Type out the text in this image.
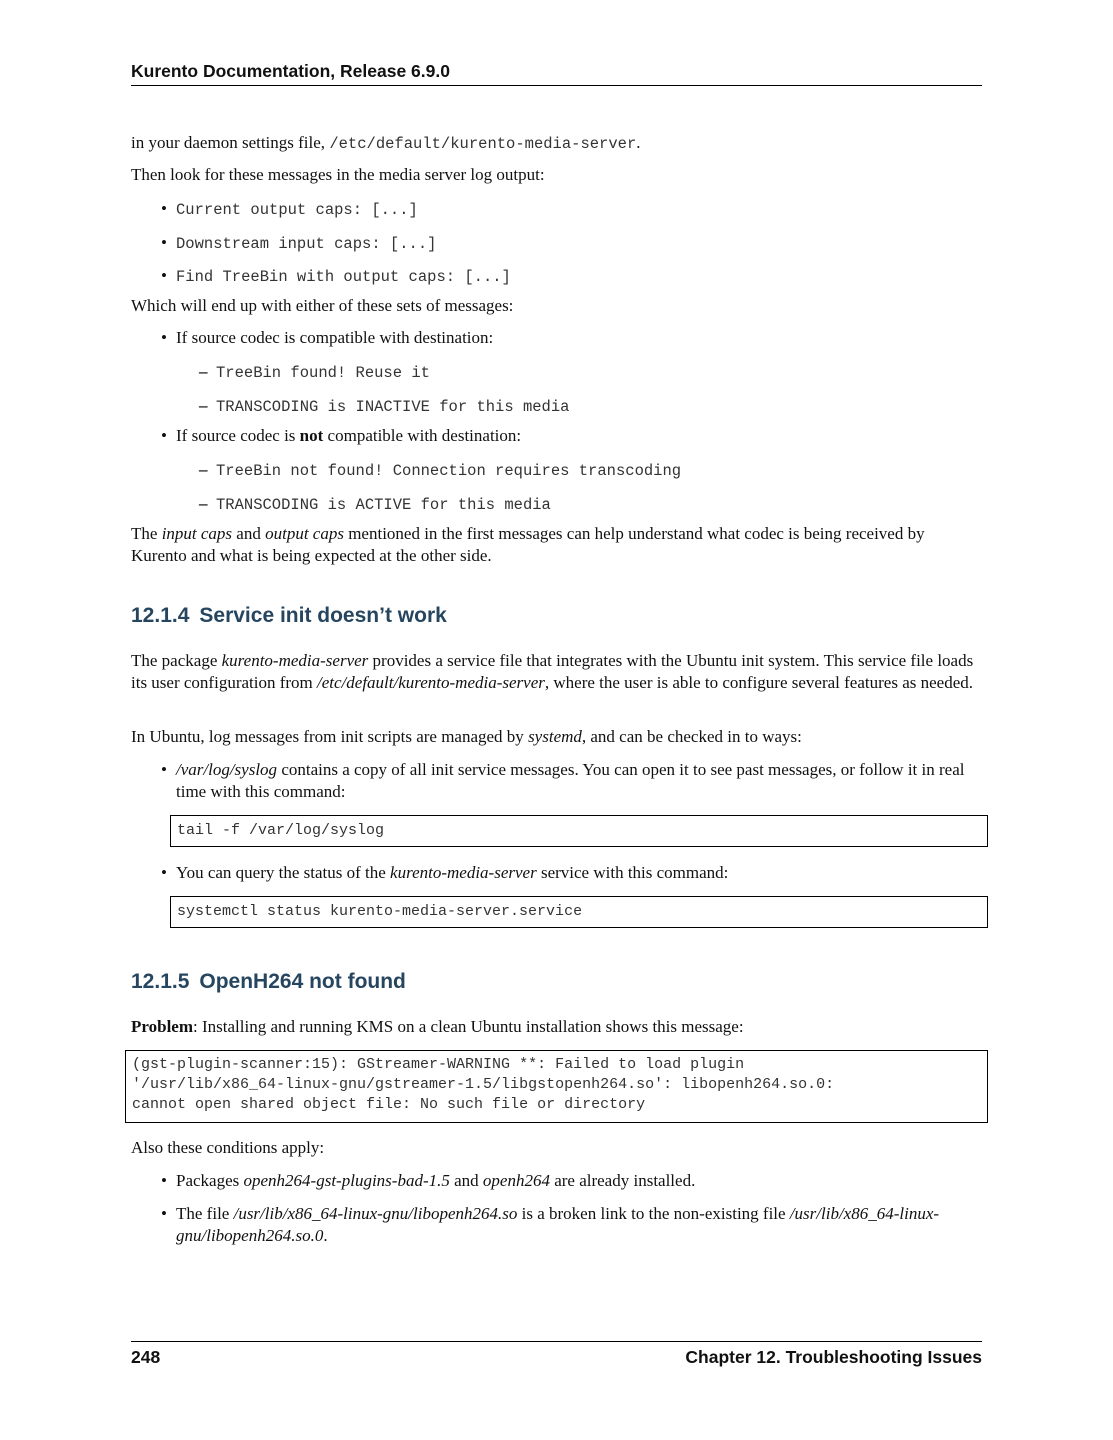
Kurento Documentation, Release 6.9.0

in your daemon settings file, /etc/default/kurento-media-server.

Then look for these messages in the media server log output:

• Current output caps: [...]
• Downstream input caps: [...]
• Find TreeBin with output caps: [...]

Which will end up with either of these sets of messages:

• If source codec is compatible with destination:
– TreeBin found! Reuse it
– TRANSCODING is INACTIVE for this media
• If source codec is not compatible with destination:
– TreeBin not found! Connection requires transcoding
– TRANSCODING is ACTIVE for this media

The input caps and output caps mentioned in the first messages can help understand what codec is being received by Kurento and what is being expected at the other side.

12.1.4 Service init doesn’t work

The package kurento-media-server provides a service file that integrates with the Ubuntu init system. This service file loads its user configuration from /etc/default/kurento-media-server, where the user is able to configure several features as needed.

In Ubuntu, log messages from init scripts are managed by systemd, and can be checked in to ways:

• /var/log/syslog contains a copy of all init service messages. You can open it to see past messages, or follow it in real time with this command:
tail -f /var/log/syslog
• You can query the status of the kurento-media-server service with this command:
systemctl status kurento-media-server.service
12.1.5 OpenH264 not found

Problem: Installing and running KMS on a clean Ubuntu installation shows this message:

(gst-plugin-scanner:15): GStreamer-WARNING **: Failed to load plugin
'/usr/lib/x86_64-linux-gnu/gstreamer-1.5/libgstopenh264.so': libopenh264.so.0:
cannot open shared object file: No such file or directory

Also these conditions apply:

• Packages openh264-gst-plugins-bad-1.5 and openh264 are already installed.
• The file /usr/lib/x86_64-linux-gnu/libopenh264.so is a broken link to the non-existing file /usr/lib/x86_64-linux-gnu/libopenh264.so.0.
248	Chapter 12. Troubleshooting Issues
